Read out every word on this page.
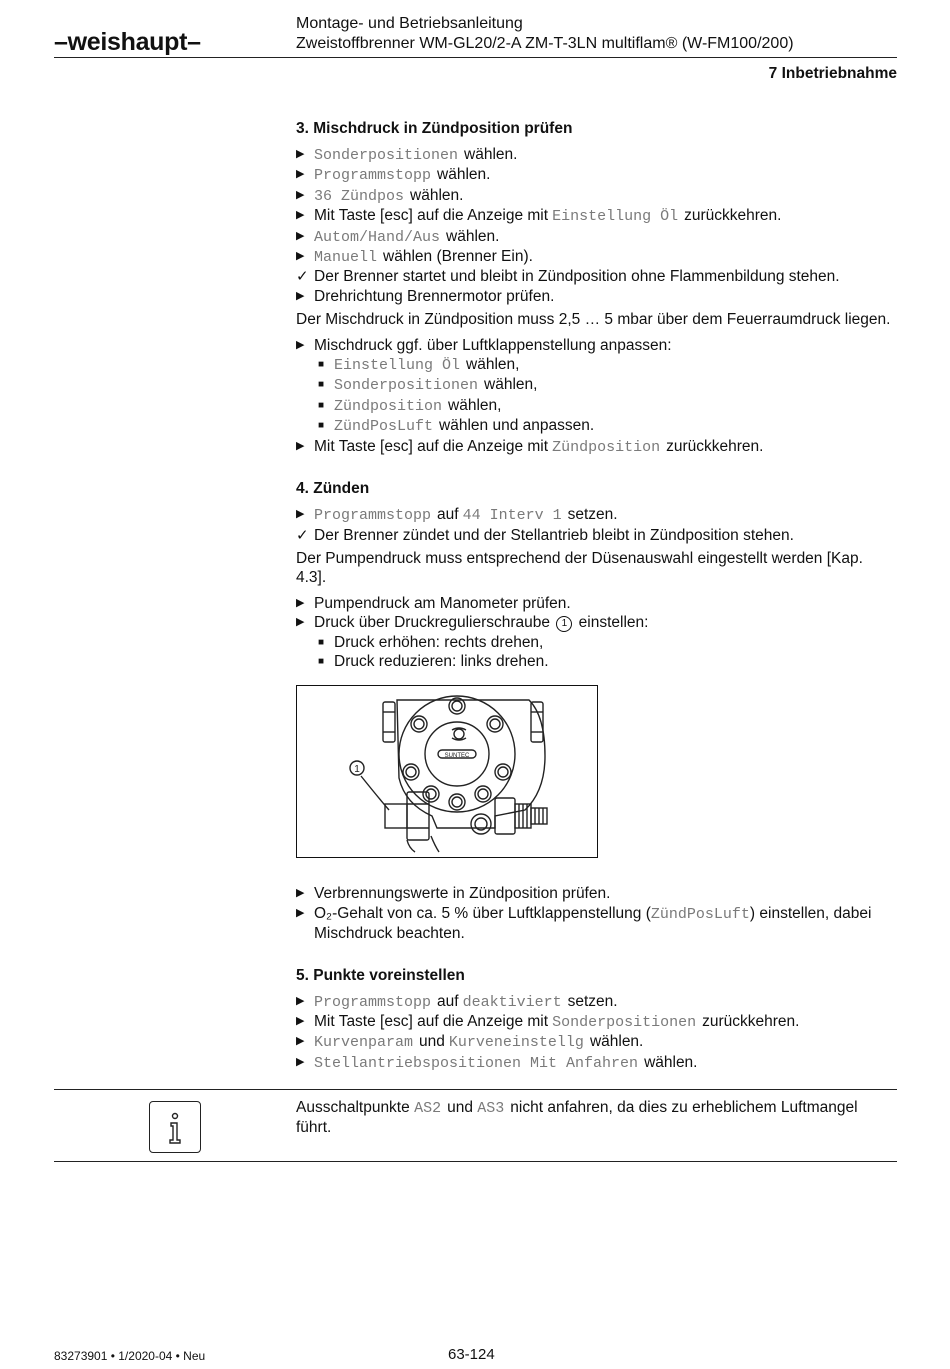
–weishaupt–
Montage- und Betriebsanleitung
Zweistoffbrenner WM-GL20/2-A ZM-T-3LN multiflam® (W-FM100/200)
7 Inbetriebnahme
3. Mischdruck in Zündposition prüfen
▶ Sonderpositionen wählen.
▶ Programmstopp wählen.
▶ 36 Zündpos wählen.
▶ Mit Taste [esc] auf die Anzeige mit Einstellung Öl zurückkehren.
▶ Autom/Hand/Aus wählen.
▶ Manuell wählen (Brenner Ein).
✓ Der Brenner startet und bleibt in Zündposition ohne Flammenbildung stehen.
▶ Drehrichtung Brennermotor prüfen.

Der Mischdruck in Zündposition muss 2,5 … 5 mbar über dem Feuerraumdruck liegen.

▶ Mischdruck ggf. über Luftklappenstellung anpassen:
■ Einstellung Öl wählen,
■ Sonderpositionen wählen,
■ Zündposition wählen,
■ ZündPosLuft wählen und anpassen.
▶ Mit Taste [esc] auf die Anzeige mit Zündposition zurückkehren.
4. Zünden
▶ Programmstopp auf 44 Interv 1 setzen.
✓ Der Brenner zündet und der Stellantrieb bleibt in Zündposition stehen.

Der Pumpendruck muss entsprechend der Düsenauswahl eingestellt werden [Kap. 4.3].

▶ Pumpendruck am Manometer prüfen.
▶ Druck über Druckregulierschraube 1 einstellen:
■ Druck erhöhen: rechts drehen,
■ Druck reduzieren: links drehen.
1
SUNTEC
▶ Verbrennungswerte in Zündposition prüfen.
▶ O₂-Gehalt von ca. 5 % über Luftklappenstellung (ZündPosLuft) einstellen, dabei Mischdruck beachten.
5. Punkte voreinstellen
▶ Programmstopp auf deaktiviert setzen.
▶ Mit Taste [esc] auf die Anzeige mit Sonderpositionen zurückkehren.
▶ Kurvenparam und Kurveneinstellg wählen.
▶ Stellantriebspositionen Mit Anfahren wählen.
Ausschaltpunkte AS2 und AS3 nicht anfahren, da dies zu erheblichem Luftmangel führt.
83273901 • 1/2020-04 • Neu	63-124
